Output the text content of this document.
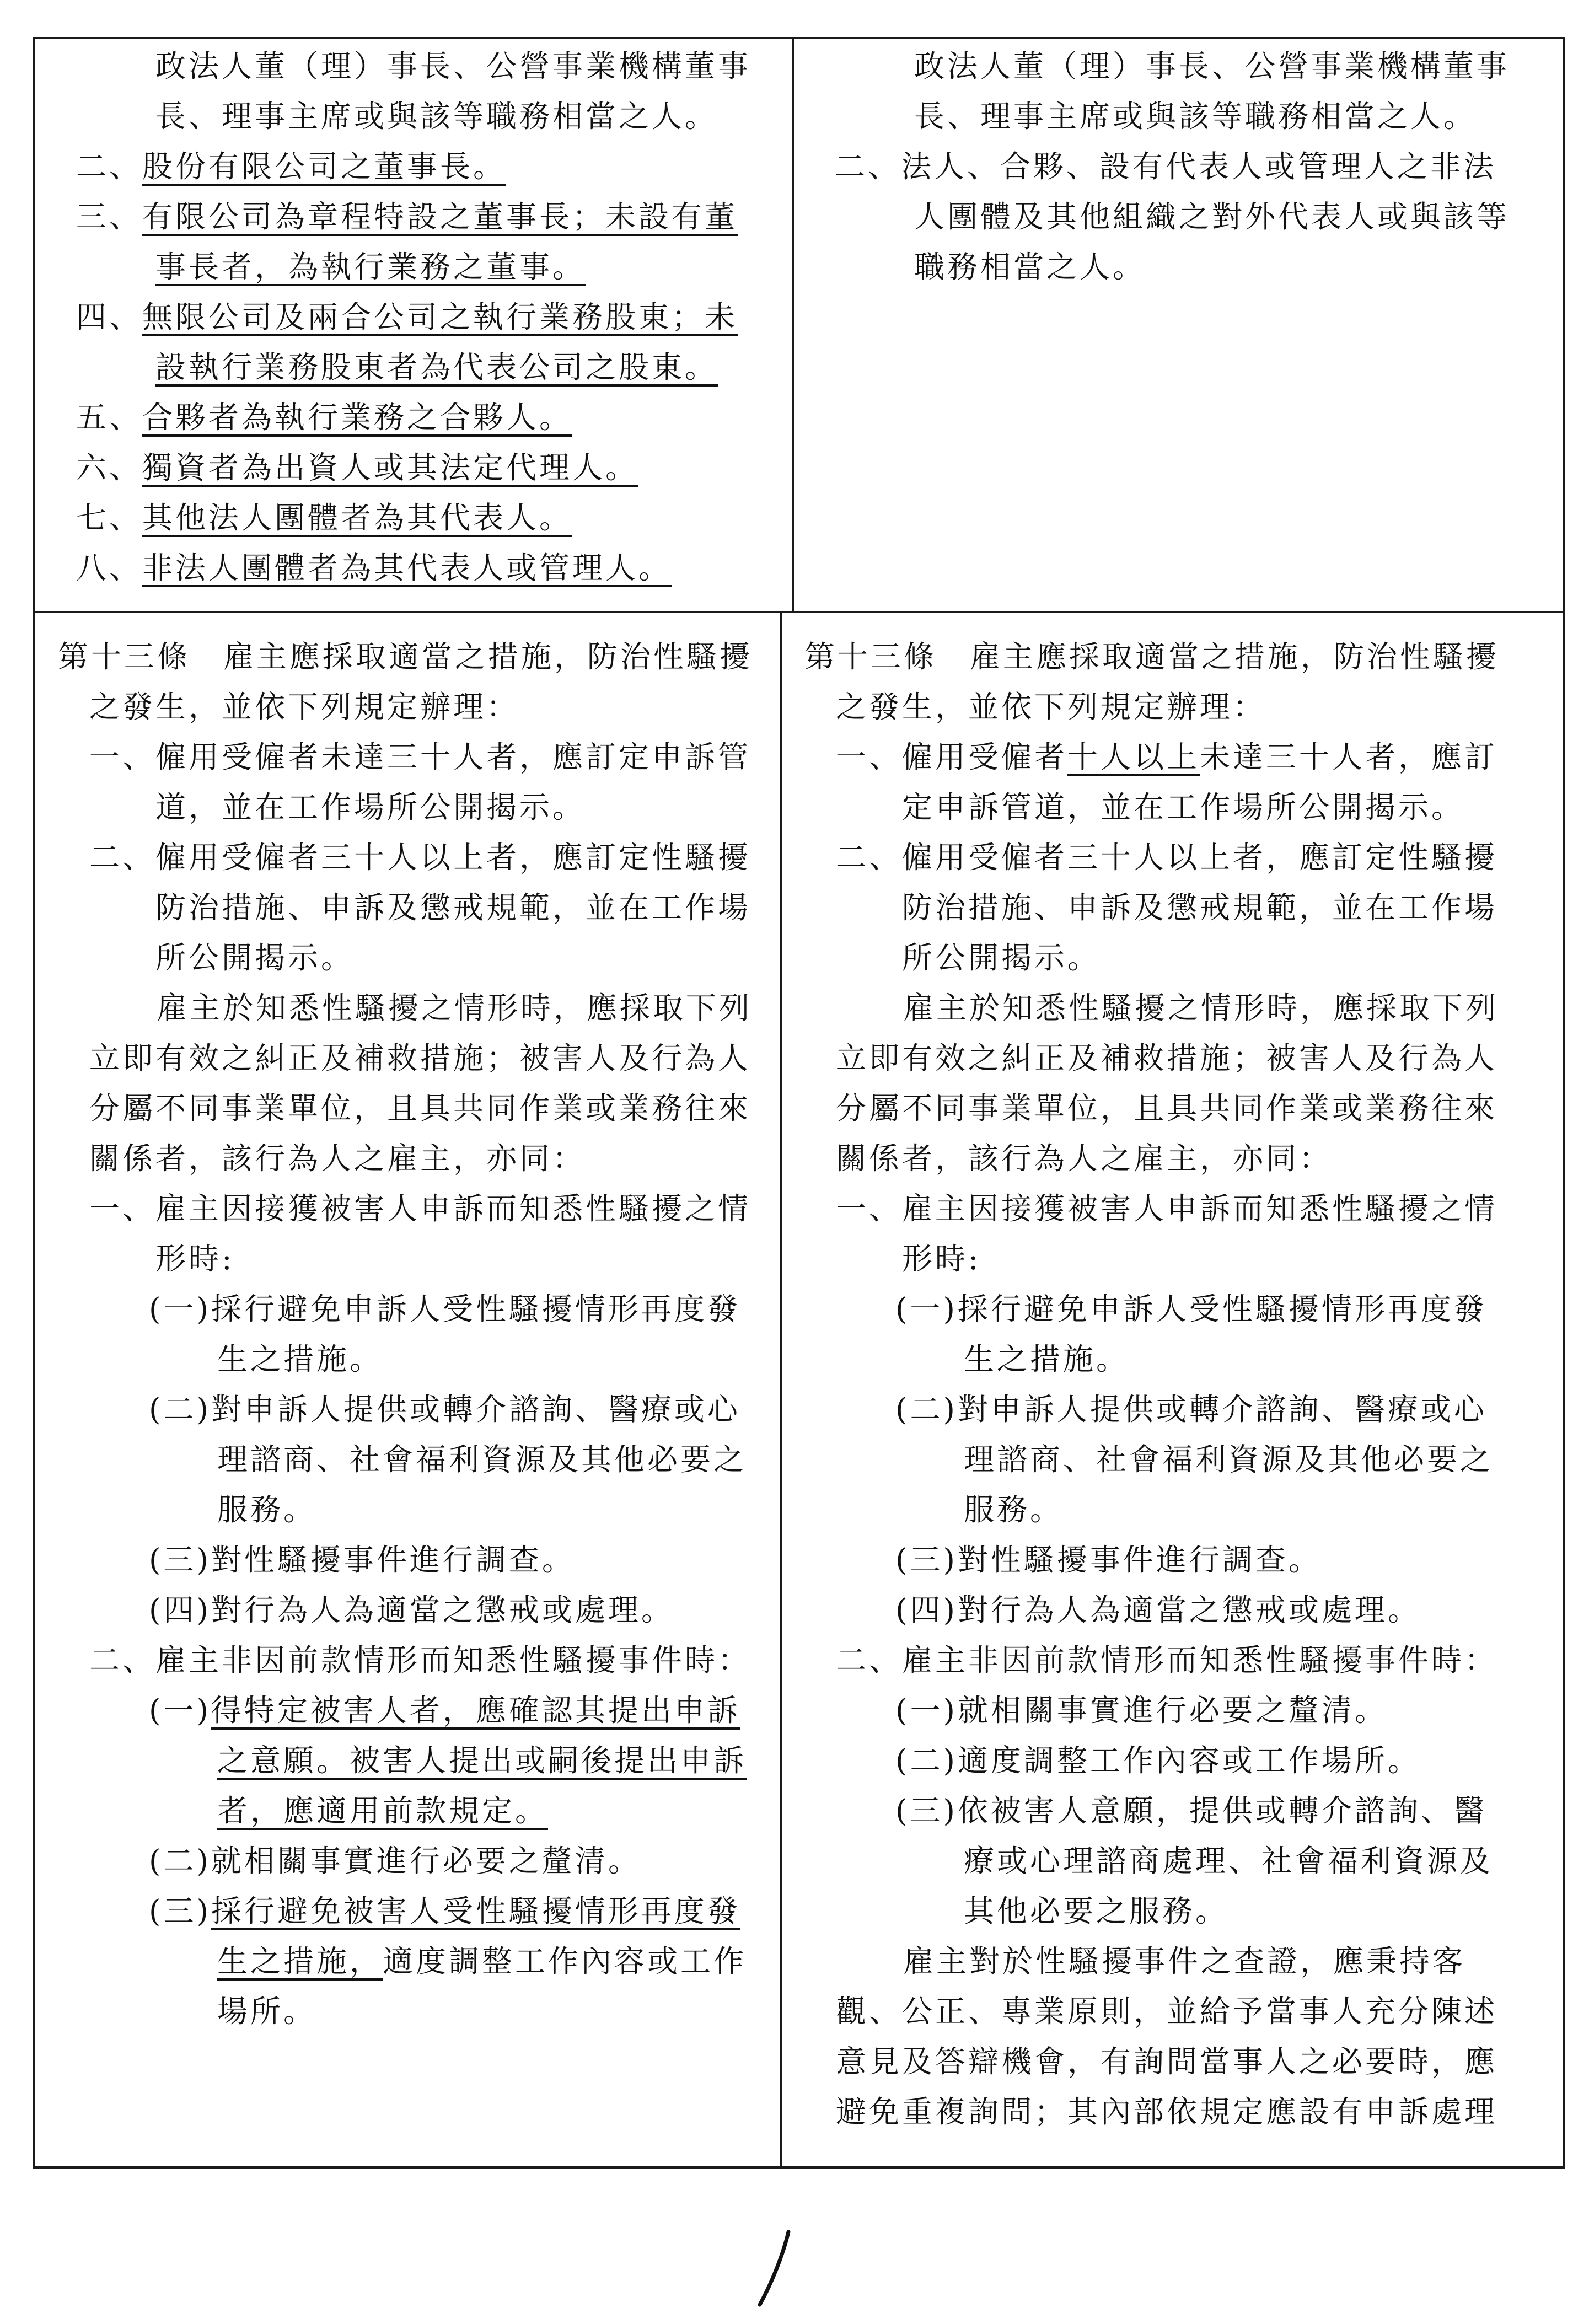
政法人董（理）事長、公營事業機構董事
長、理事主席或與該等職務相當之人。
二、股份有限公司之董事長。
三、有限公司為章程特設之董事長；未設有董
事長者，為執行業務之董事。
四、無限公司及兩合公司之執行業務股東；未
設執行業務股東者為代表公司之股東。
五、合夥者為執行業務之合夥人。
六、獨資者為出資人或其法定代理人。
七、其他法人團體者為其代表人。
八、非法人團體者為其代表人或管理人。
政法人董（理）事長、公營事業機構董事
長、理事主席或與該等職務相當之人。
二、法人、合夥、設有代表人或管理人之非法
人團體及其他組織之對外代表人或與該等
職務相當之人。
第十三條　雇主應採取適當之措施，防治性騷擾
之發生，並依下列規定辦理：
一、僱用受僱者未達三十人者，應訂定申訴管
道，並在工作場所公開揭示。
二、僱用受僱者三十人以上者，應訂定性騷擾
防治措施、申訴及懲戒規範，並在工作場
所公開揭示。
雇主於知悉性騷擾之情形時，應採取下列
立即有效之糾正及補救措施；被害人及行為人
分屬不同事業單位，且具共同作業或業務往來
關係者，該行為人之雇主，亦同：
一、雇主因接獲被害人申訴而知悉性騷擾之情
形時:
(一)採行避免申訴人受性騷擾情形再度發
生之措施。
(二)對申訴人提供或轉介諮詢、醫療或心
理諮商、社會福利資源及其他必要之
服務。
(三)對性騷擾事件進行調查。
(四)對行為人為適當之懲戒或處理。
二、雇主非因前款情形而知悉性騷擾事件時：
(一)得特定被害人者，應確認其提出申訴
之意願。被害人提出或嗣後提出申訴
者，應適用前款規定。
(二)就相關事實進行必要之釐清。
(三)採行避免被害人受性騷擾情形再度發
生之措施，適度調整工作內容或工作
場所。
第十三條　雇主應採取適當之措施，防治性騷擾
之發生，並依下列規定辦理：
一、僱用受僱者十人以上未達三十人者，應訂
定申訴管道，並在工作場所公開揭示。
二、僱用受僱者三十人以上者，應訂定性騷擾
防治措施、申訴及懲戒規範，並在工作場
所公開揭示。
雇主於知悉性騷擾之情形時，應採取下列
立即有效之糾正及補救措施；被害人及行為人
分屬不同事業單位，且具共同作業或業務往來
關係者，該行為人之雇主，亦同：
一、雇主因接獲被害人申訴而知悉性騷擾之情
形時:
(一)採行避免申訴人受性騷擾情形再度發
生之措施。
(二)對申訴人提供或轉介諮詢、醫療或心
理諮商、社會福利資源及其他必要之
服務。
(三)對性騷擾事件進行調查。
(四)對行為人為適當之懲戒或處理。
二、雇主非因前款情形而知悉性騷擾事件時：
(一)就相關事實進行必要之釐清。
(二)適度調整工作內容或工作場所。
(三)依被害人意願，提供或轉介諮詢、醫
療或心理諮商處理、社會福利資源及
其他必要之服務。
雇主對於性騷擾事件之查證，應秉持客
觀、公正、專業原則，並給予當事人充分陳述
意見及答辯機會，有詢問當事人之必要時，應
避免重複詢問；其內部依規定應設有申訴處理
